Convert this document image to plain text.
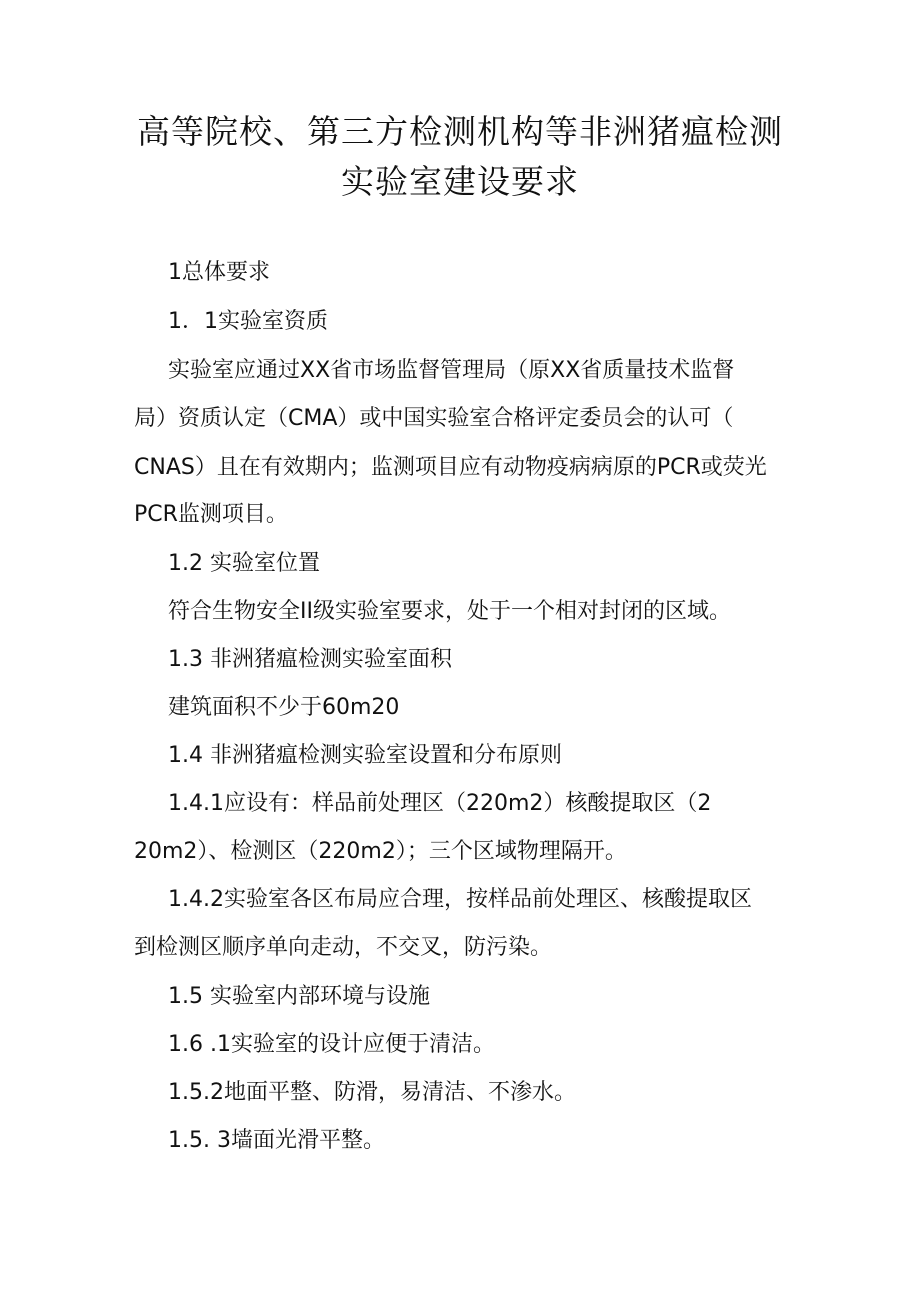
高等院校、第三方检测机构等非洲猪瘟检测
实验室建设要求

1总体要求

1．1实验室资质

实验室应通过XX省市场监督管理局（原XX省质量技术监督

局）资质认定（CMA）或中国实验室合格评定委员会的认可（

CNAS）且在有效期内；监测项目应有动物疫病病原的PCR或荧光

PCR监测项目。

1.2 实验室位置

符合生物安全II级实验室要求，处于一个相对封闭的区域。

1.3 非洲猪瘟检测实验室面积

建筑面积不少于60m20

1.4 非洲猪瘟检测实验室设置和分布原则

1.4.1应设有：样品前处理区（220m2）核酸提取区（2

20m2）、检测区（220m2）；三个区域物理隔开。

1.4.2实验室各区布局应合理，按样品前处理区、核酸提取区

到检测区顺序单向走动，不交叉，防污染。

1.5 实验室内部环境与设施

1.6 .1实验室的设计应便于清洁。

1.5.2地面平整、防滑，易清洁、不渗水。

1.5. 3墙面光滑平整。
